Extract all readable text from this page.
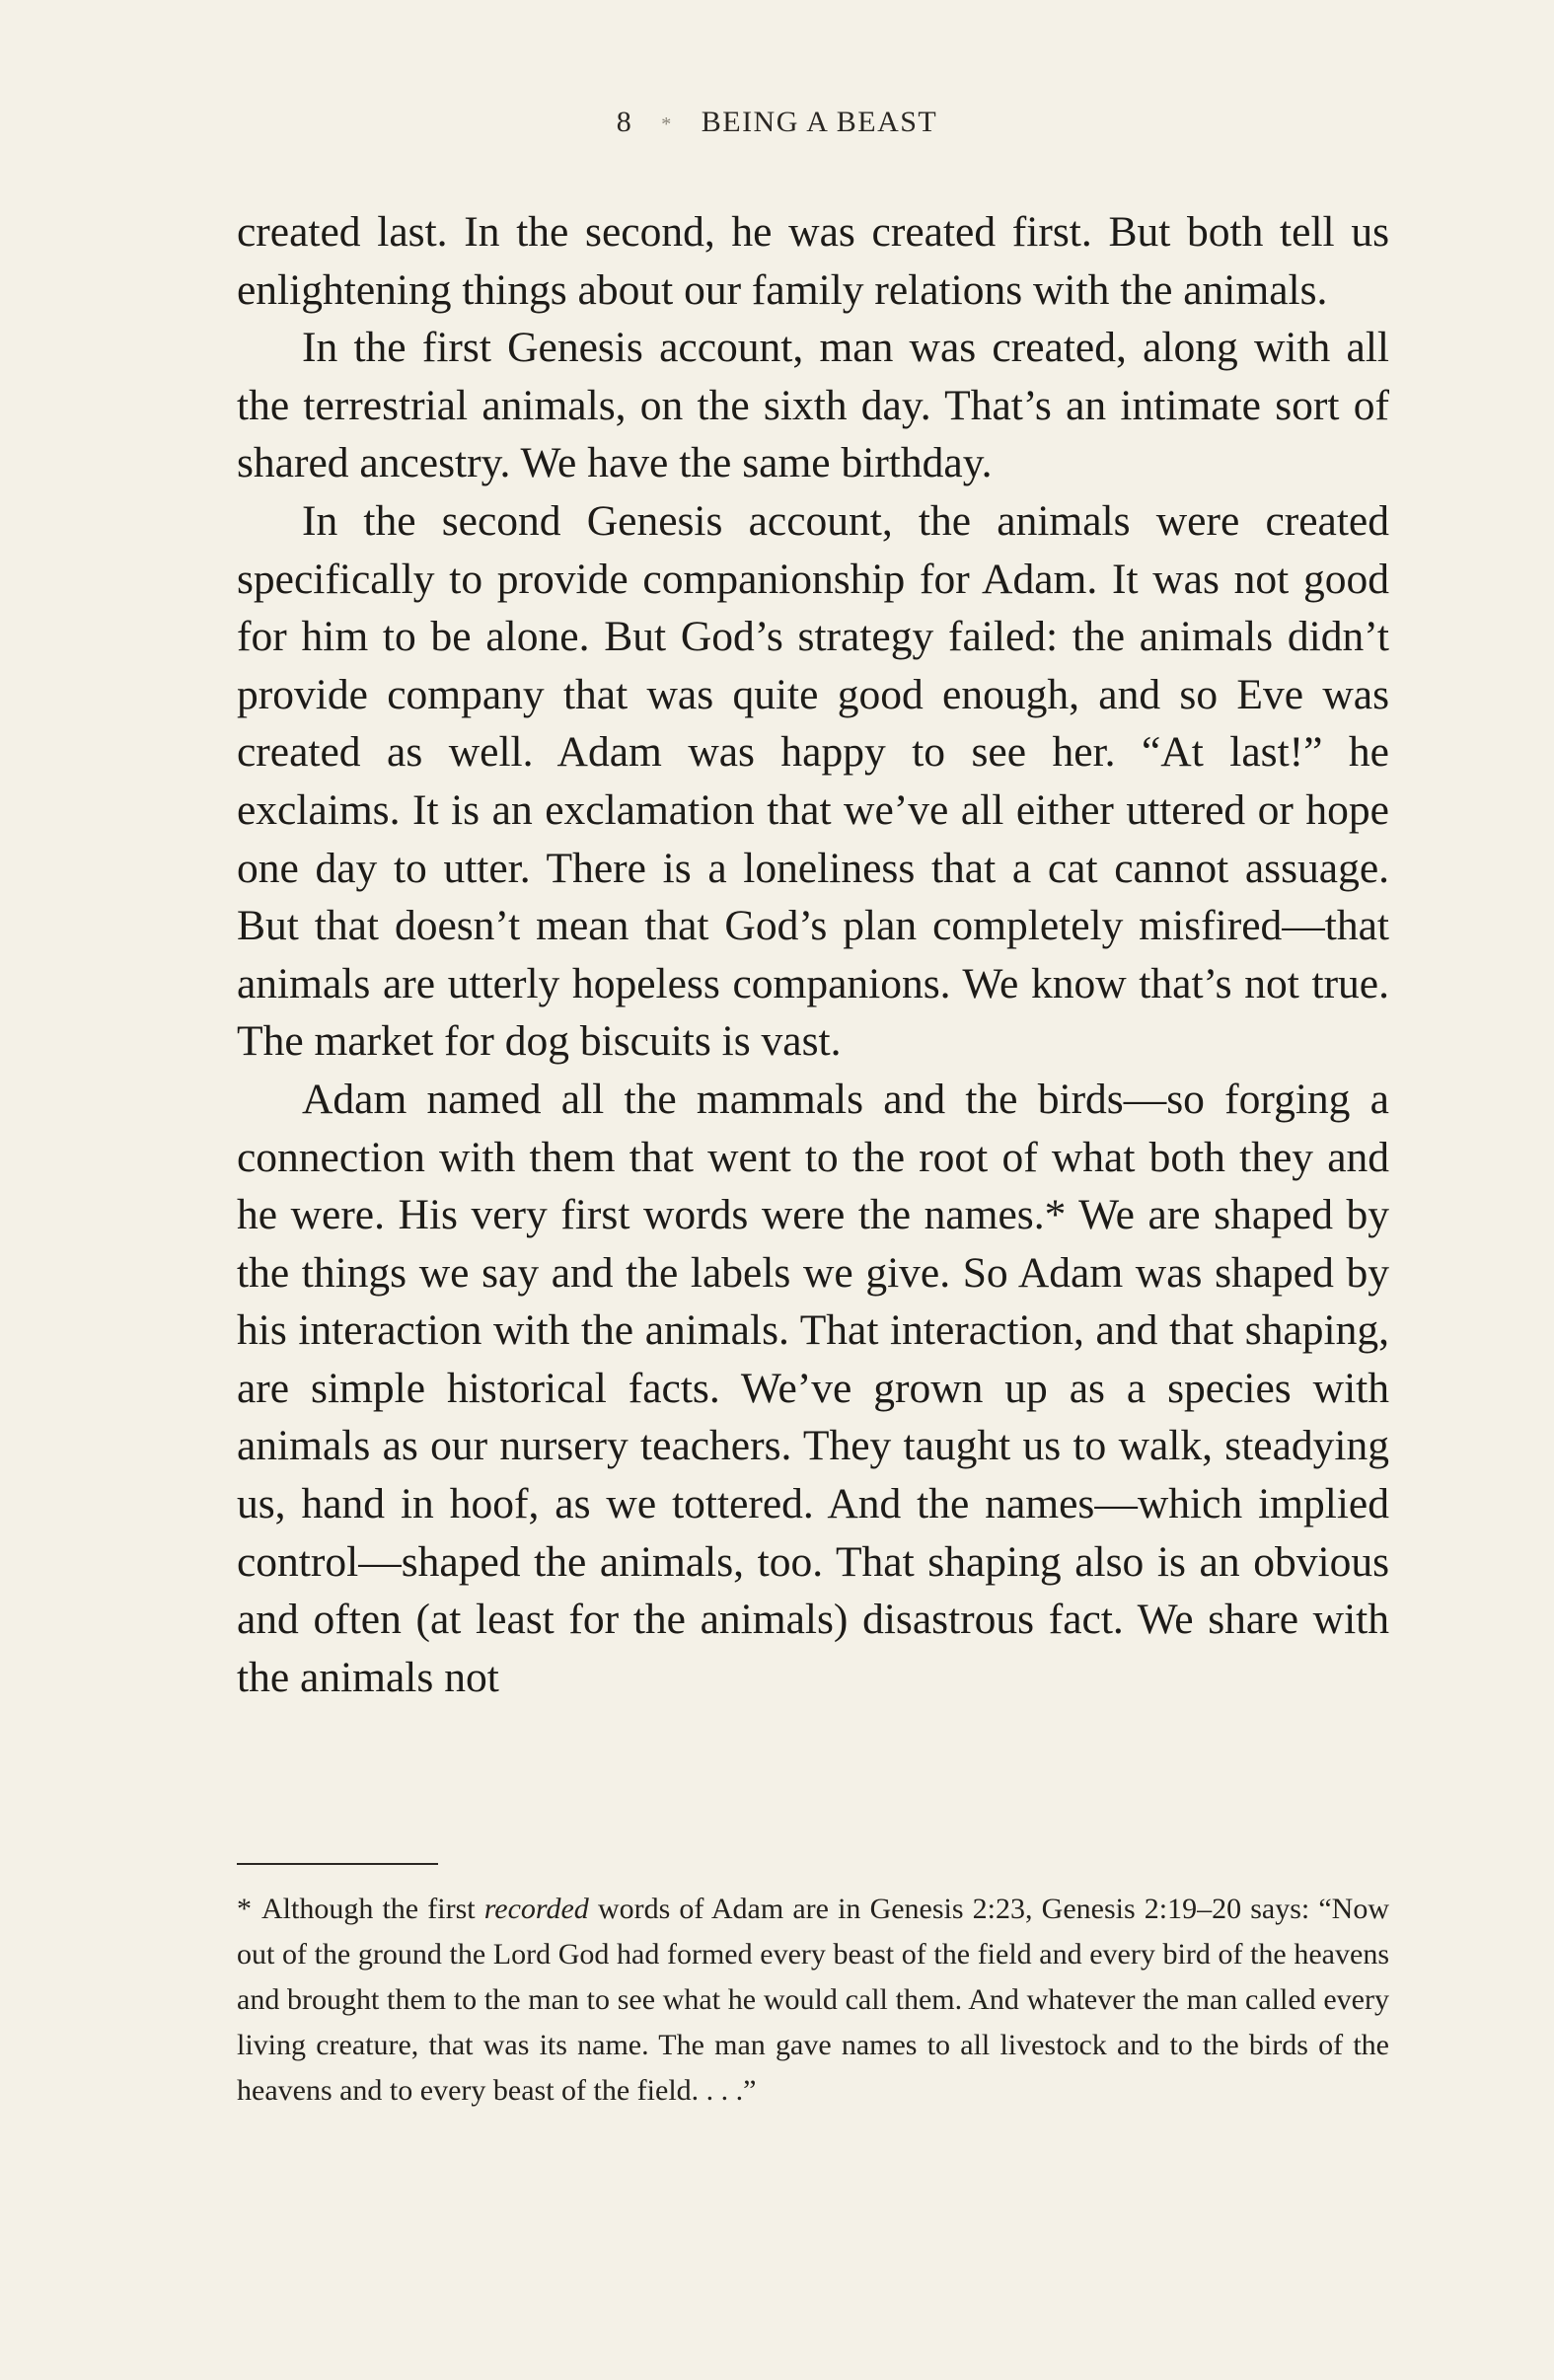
8 * BEING A BEAST

created last. In the second, he was created first. But both tell us enlightening things about our family relations with the animals.

In the first Genesis account, man was created, along with all the terrestrial animals, on the sixth day. That’s an intimate sort of shared ancestry. We have the same birthday.

In the second Genesis account, the animals were created specifically to provide companionship for Adam. It was not good for him to be alone. But God’s strategy failed: the animals didn’t provide company that was quite good enough, and so Eve was created as well. Adam was happy to see her. “At last!” he exclaims. It is an exclamation that we’ve all either uttered or hope one day to utter. There is a loneliness that a cat cannot assuage. But that doesn’t mean that God’s plan completely misfired—that animals are utterly hopeless companions. We know that’s not true. The market for dog biscuits is vast.

Adam named all the mammals and the birds—so forging a connection with them that went to the root of what both they and he were. His very first words were the names.* We are shaped by the things we say and the labels we give. So Adam was shaped by his interaction with the animals. That interaction, and that shaping, are simple historical facts. We’ve grown up as a species with animals as our nursery teachers. They taught us to walk, steadying us, hand in hoof, as we tottered. And the names—which implied control—shaped the animals, too. That shaping also is an obvious and often (at least for the animals) disastrous fact. We share with the animals not

* Although the first recorded words of Adam are in Genesis 2:23, Genesis 2:19–20 says: “Now out of the ground the Lord God had formed every beast of the field and every bird of the heavens and brought them to the man to see what he would call them. And whatever the man called every living creature, that was its name. The man gave names to all livestock and to the birds of the heavens and to every beast of the field. . . .”
